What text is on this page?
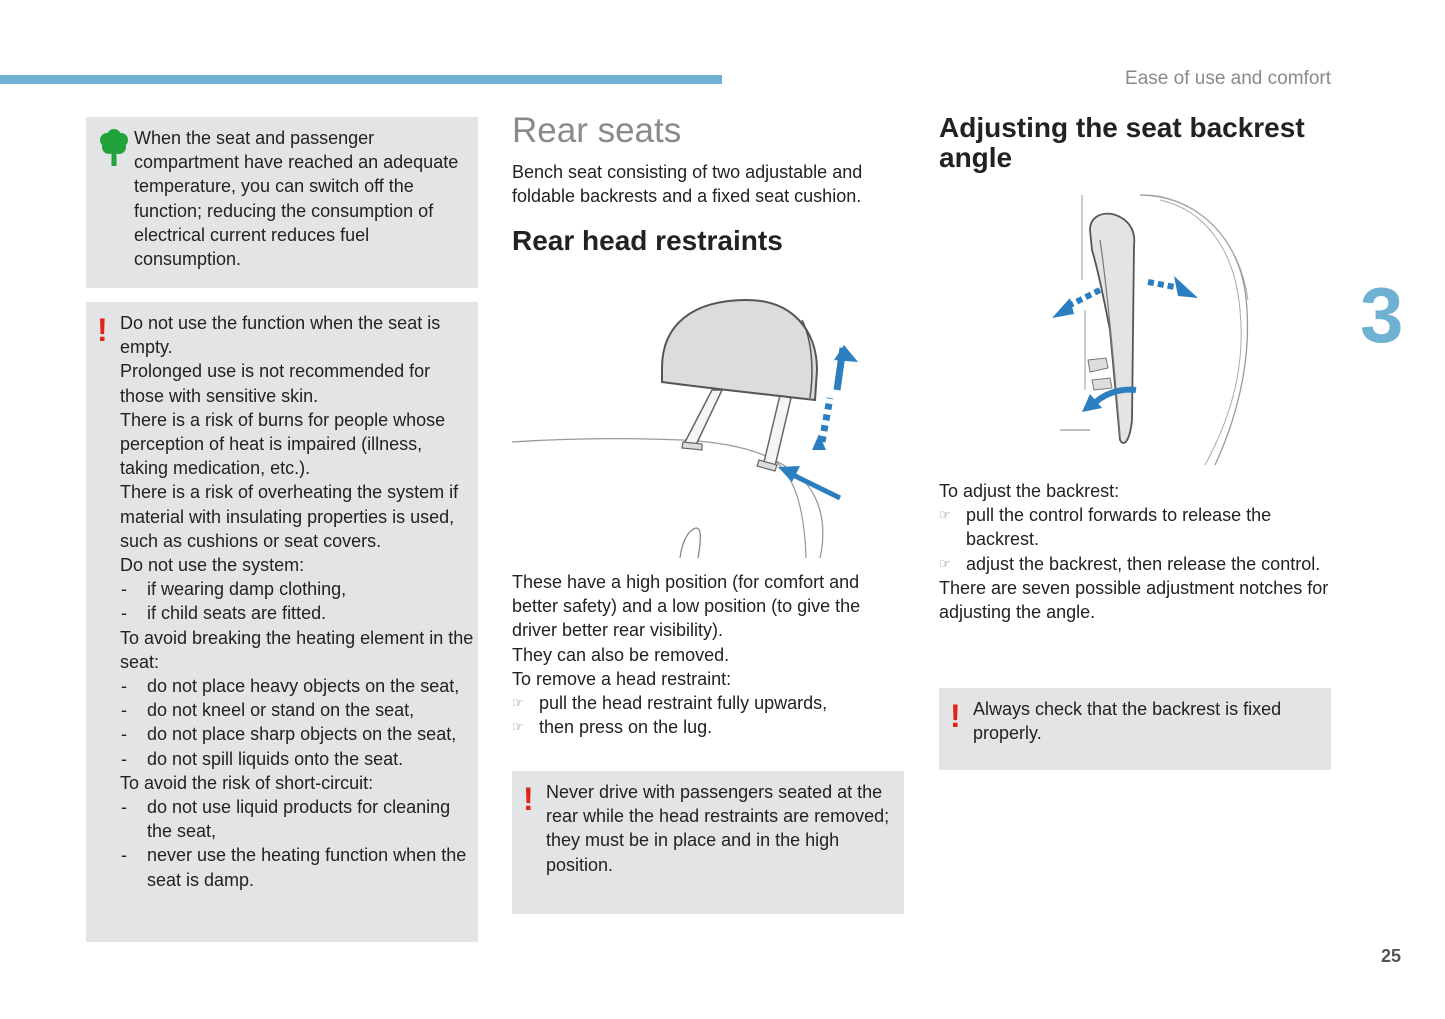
Ease of use and comfort
3
25

When the seat and passenger compartment have reached an adequate temperature, you can switch off the function; reducing the consumption of electrical current reduces fuel consumption.

! Do not use the function when the seat is empty.

Prolonged use is not recommended for those with sensitive skin.

There is a risk of burns for people whose perception of heat is impaired (illness, taking medication, etc.).

There is a risk of overheating the system if material with insulating properties is used, such as cushions or seat covers.

Do not use the system:

- if wearing damp clothing,
- if child seats are fitted.

To avoid breaking the heating element in the seat:

- do not place heavy objects on the seat,
- do not kneel or stand on the seat,
- do not place sharp objects on the seat,
- do not spill liquids onto the seat.

To avoid the risk of short-circuit:

- do not use liquid products for cleaning the seat,
- never use the heating function when the seat is damp.
Rear seats

Bench seat consisting of two adjustable and foldable backrests and a fixed seat cushion.

Rear head restraints

These have a high position (for comfort and better safety) and a low position (to give the driver better rear visibility).

They can also be removed.

To remove a head restraint:

☞ pull the head restraint fully upwards,
☞ then press on the lug.
! Never drive with passengers seated at the rear while the head restraints are removed; they must be in place and in the high position.

Adjusting the seat backrest angle

To adjust the backrest:

☞ pull the control forwards to release the backrest.
☞ adjust the backrest, then release the control.

There are seven possible adjustment notches for adjusting the angle.

! Always check that the backrest is fixed properly.
